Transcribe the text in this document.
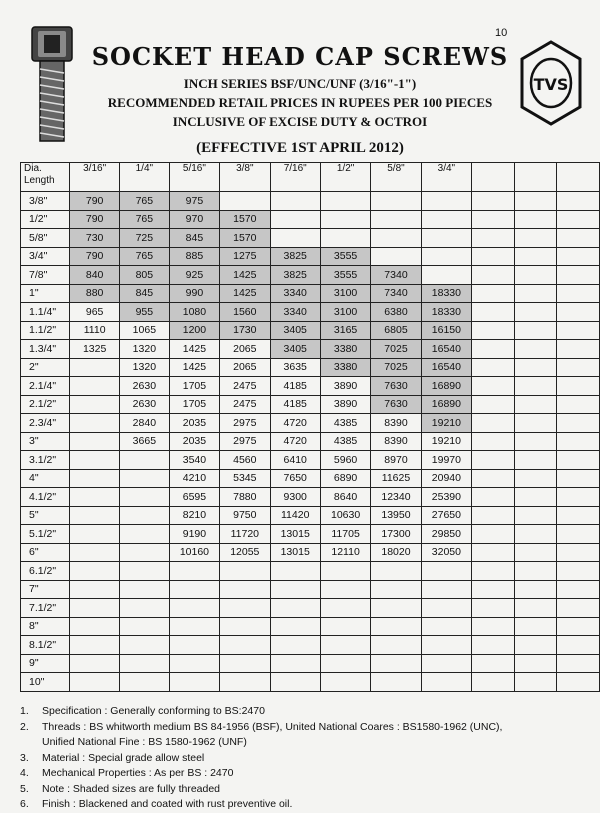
10
SOCKET HEAD CAP SCREWS
INCH SERIES BSF/UNC/UNF (3/16"-1")
RECOMMENDED RETAIL PRICES IN RUPEES PER 100 PIECES
INCLUSIVE OF EXCISE DUTY & OCTROI
(EFFECTIVE 1ST APRIL 2012)
TVS
Dia.
Length	3/16"	1/4"	5/16"	3/8"	7/16"	1/2"	5/8"	3/4"			
3/8"	790	765	975								
1/2"	790	765	970	1570							
5/8"	730	725	845	1570							
3/4"	790	765	885	1275	3825	3555					
7/8"	840	805	925	1425	3825	3555	7340				
1"	880	845	990	1425	3340	3100	7340	18330			
1.1/4"	965	955	1080	1560	3340	3100	6380	18330			
1.1/2"	1110	1065	1200	1730	3405	3165	6805	16150			
1.3/4"	1325	1320	1425	2065	3405	3380	7025	16540			
2"		1320	1425	2065	3635	3380	7025	16540			
2.1/4"		2630	1705	2475	4185	3890	7630	16890			
2.1/2"		2630	1705	2475	4185	3890	7630	16890			
2.3/4"		2840	2035	2975	4720	4385	8390	19210			
3"		3665	2035	2975	4720	4385	8390	19210			
3.1/2"			3540	4560	6410	5960	8970	19970			
4"			4210	5345	7650	6890	11625	20940			
4.1/2"			6595	7880	9300	8640	12340	25390			
5"			8210	9750	11420	10630	13950	27650			
5.1/2"			9190	11720	13015	11705	17300	29850			
6"			10160	12055	13015	12110	18020	32050			
6.1/2"											
7"											
7.1/2"											
8"											
8.1/2"											
9"											
10"											
1.	Specification : Generally conforming to BS:2470
2.	Threads : BS whitworth medium BS 84-1956 (BSF), United National Coares : BS1580-1962 (UNC),
Unified National Fine : BS 1580-1962 (UNF)
3.	Material : Special grade allow steel
4.	Mechanical Properties : As per BS : 2470
5.	Note : Shaded sizes are fully threaded
6.	Finish : Blackened and coated with rust preventive oil.
